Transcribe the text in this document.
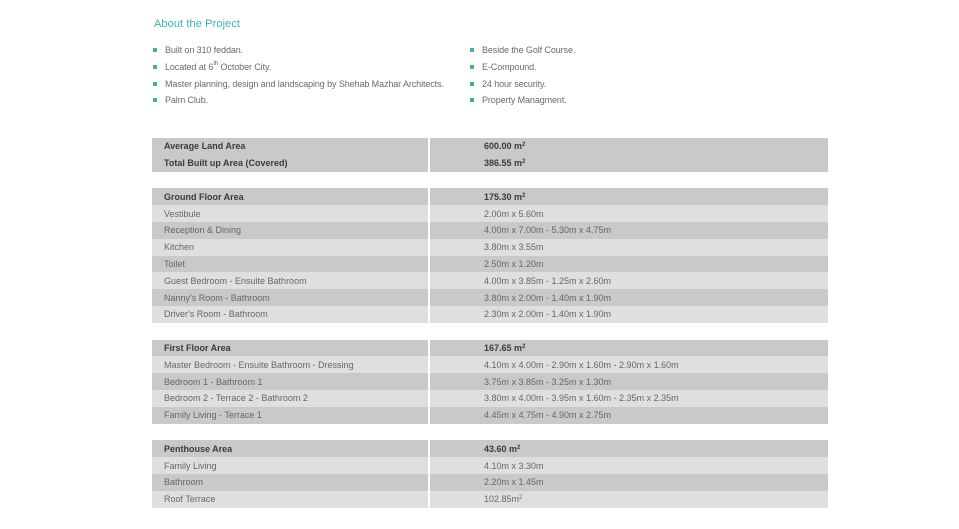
About the Project
Built on 310 feddan.
Located at 6th October City.
Master planning, design and landscaping by Shehab Mazhar Architects.
Palm Club.
Beside the Golf Course.
E-Compound.
24 hour security.
Property Managment.
Average Land Area	600.00 $m^2$
Total Built up Area (Covered)	386.55 $m^2$
Ground Floor Area	175.30 $m^2$
Vestibule	2.00m x 5.60m
Reception & Dining	4.00m x 7.00m - 5.30m x 4.75m
Kitchen	3.80m x 3.55m
Toilet	2.50m x 1.20m
Guest Bedroom - Ensuite Bathroom	4.00m x 3.85m - 1.25m x 2.60m
Nanny's Room - Bathroom	3.80m x 2.00m - 1.40m x 1.90m
Driver's Room - Bathroom	2.30m x 2.00m - 1.40m x 1.90m
First Floor Area	167.65 $m^2$
Master Bedroom - Ensuite Bathroom - Dressing	4.10m x 4.00m - 2.90m x 1.60m - 2.90m x 1.60m
Bedroom 1 - Bathroom 1	3.75m x 3.85m - 3.25m x 1.30m
Bedroom 2 - Terrace 2 - Bathroom 2	3.80m x 4.00m - 3.95m x 1.60m - 2.35m x 2.35m
Family Living - Terrace 1	4.45m x 4.75m - 4.90m x 2.75m
Penthouse Area	43.60 $m^2$
Family Living	4.10m x 3.30m
Bathroom	2.20m x 1.45m
Roof Terrace	$102.85m^2$
